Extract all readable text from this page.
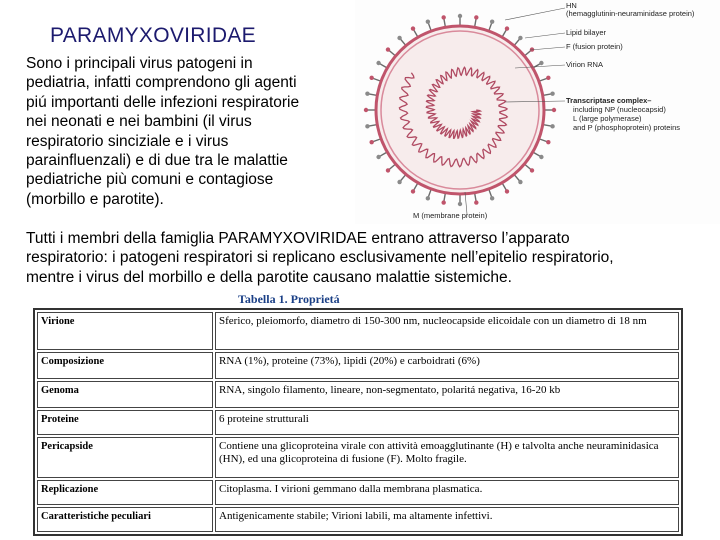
PARAMYXOVIRIDAE
Sono i principali virus patogeni in
pediatria, infatti comprendono gli agenti
piú importanti delle infezioni respiratorie
nei neonati e nei bambini (il virus
respiratorio sinciziale e i virus
parainfluenzali) e di due tra le malattie
pediatriche più comuni e contagiose
(morbillo e parotite).
HN
(hemagglutinin-neuraminidase protein)
Lipid bilayer
F (fusion protein)
Virion RNA
Transcriptase complex–
including NP (nucleocapsid)
L (large polymerase)
and P (phosphoprotein) proteins
M (membrane protein)
Tutti i membri della famiglia PARAMYXOVIRIDAE entrano attraverso l’apparato
respiratorio: i patogeni respiratori si replicano esclusivamente nell’epitelio respiratorio,
mentre i virus del morbillo e della parotite causano malattie sistemiche.
Tabella 1. Proprietá
Virione	Sferico, pleiomorfo, diametro di 150-300 nm, nucleocapside elicoidale con un diametro di 18 nm
Composizione	RNA (1%), proteine (73%), lipidi (20%) e carboidrati (6%)
Genoma	RNA, singolo filamento, lineare, non-segmentato, polaritá negativa, 16-20 kb
Proteine	6 proteine strutturali
Pericapside	Contiene una glicoproteina virale con attività emoagglutinante (H) e talvolta anche neuraminidasica (HN), ed una glicoproteina di fusione (F). Molto fragile.
Replicazione	Citoplasma. I virioni gemmano dalla membrana plasmatica.
Caratteristiche peculiari	Antigenicamente stabile; Virioni labili, ma altamente infettivi.
